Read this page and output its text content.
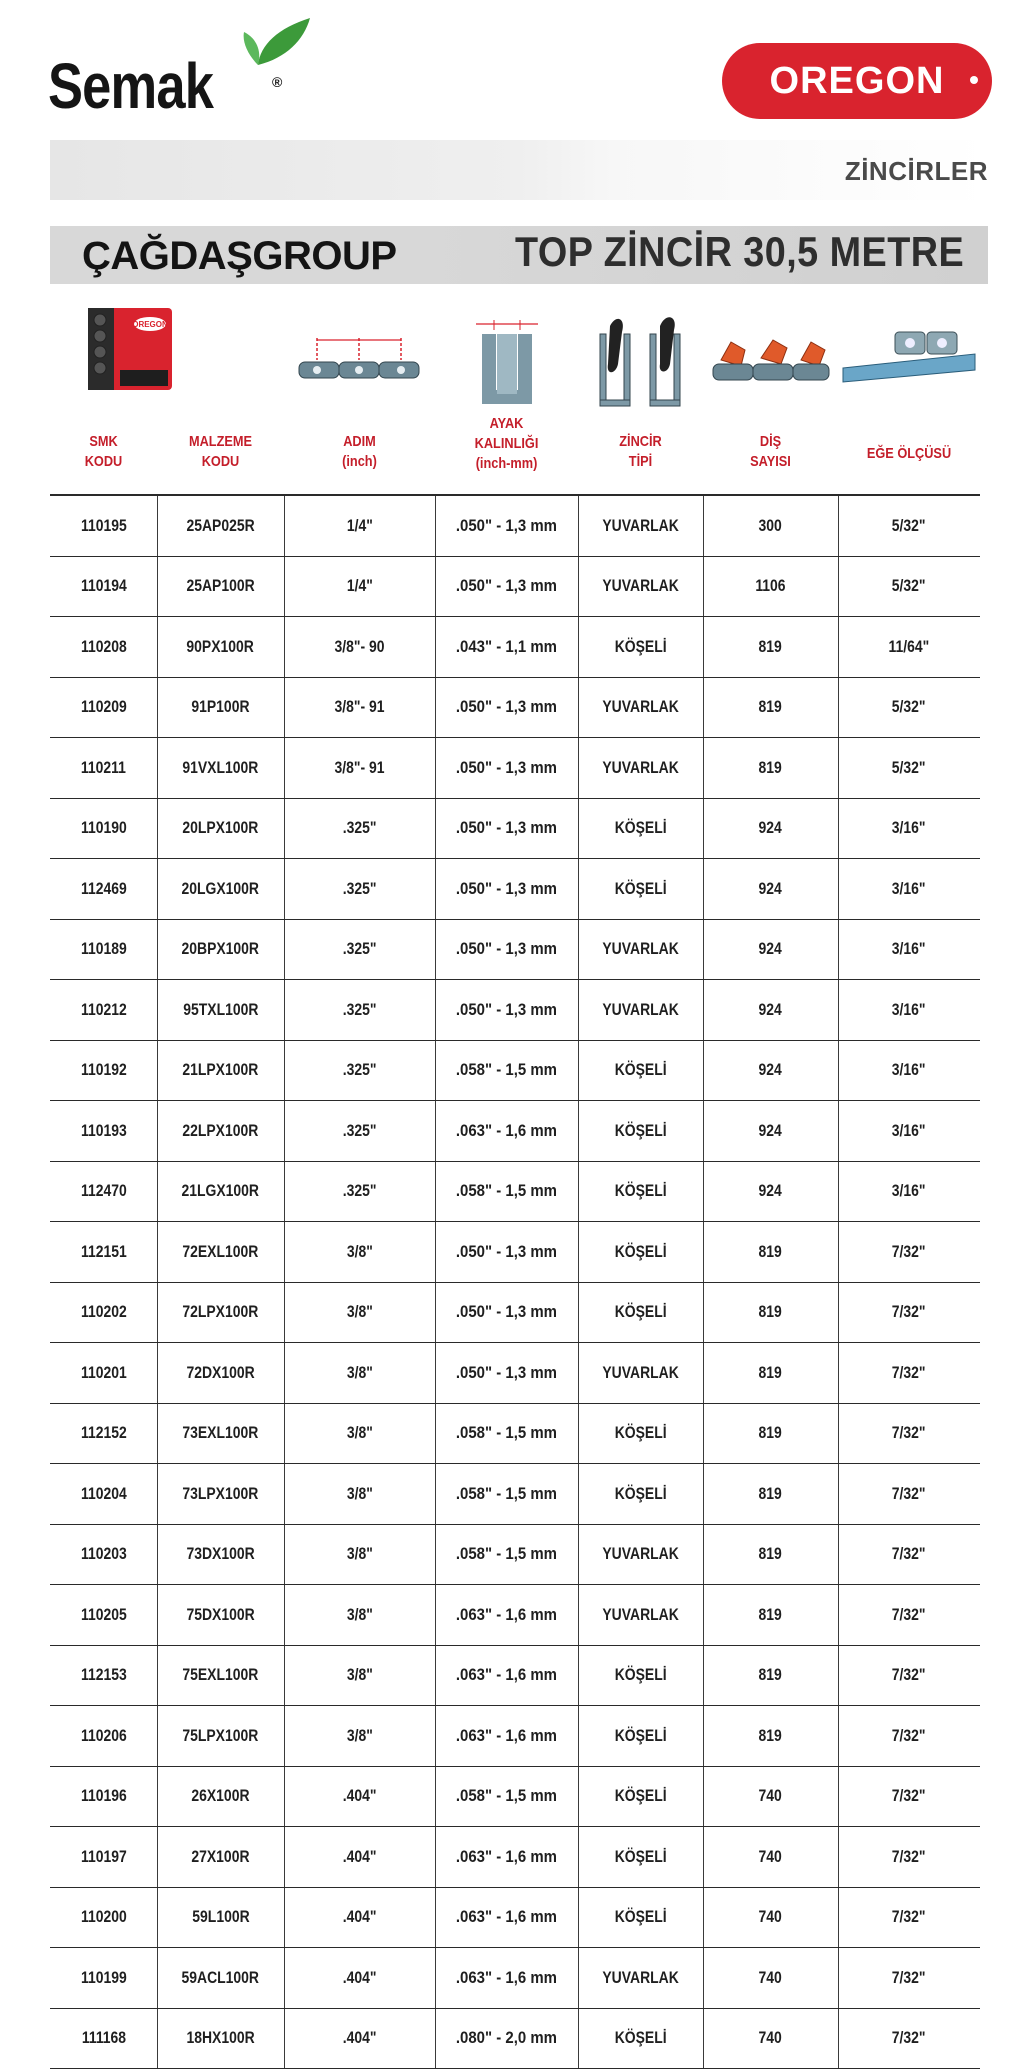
Semak	®	OREGON
ZİNCİRLER
ÇAĞDAŞGROUP	TOP ZİNCİR 30,5 METRE
OREGON
SMK
KODU
MALZEME
KODU
ADIM
(inch)
AYAK
KALINLIĞI
(inch-mm)
ZİNCİR
TİPİ
DİŞ
SAYISI	EĞE ÖLÇÜSÜ
110195	25AP025R	1/4"	.050" - 1,3 mm	YUVARLAK	300	5/32"
110194	25AP100R	1/4"	.050" - 1,3 mm	YUVARLAK	1106	5/32"
110208	90PX100R	3/8"- 90	.043" - 1,1 mm	KÖŞELİ	819	11/64"
110209	91P100R	3/8"- 91	.050" - 1,3 mm	YUVARLAK	819	5/32"
110211	91VXL100R	3/8"- 91	.050" - 1,3 mm	YUVARLAK	819	5/32"
110190	20LPX100R	.325"	.050" - 1,3 mm	KÖŞELİ	924	3/16"
112469	20LGX100R	.325"	.050" - 1,3 mm	KÖŞELİ	924	3/16"
110189	20BPX100R	.325"	.050" - 1,3 mm	YUVARLAK	924	3/16"
110212	95TXL100R	.325"	.050" - 1,3 mm	YUVARLAK	924	3/16"
110192	21LPX100R	.325"	.058" - 1,5 mm	KÖŞELİ	924	3/16"
110193	22LPX100R	.325"	.063" - 1,6 mm	KÖŞELİ	924	3/16"
112470	21LGX100R	.325"	.058" - 1,5 mm	KÖŞELİ	924	3/16"
112151	72EXL100R	3/8"	.050" - 1,3 mm	KÖŞELİ	819	7/32"
110202	72LPX100R	3/8"	.050" - 1,3 mm	KÖŞELİ	819	7/32"
110201	72DX100R	3/8"	.050" - 1,3 mm	YUVARLAK	819	7/32"
112152	73EXL100R	3/8"	.058" - 1,5 mm	KÖŞELİ	819	7/32"
110204	73LPX100R	3/8"	.058" - 1,5 mm	KÖŞELİ	819	7/32"
110203	73DX100R	3/8"	.058" - 1,5 mm	YUVARLAK	819	7/32"
110205	75DX100R	3/8"	.063" - 1,6 mm	YUVARLAK	819	7/32"
112153	75EXL100R	3/8"	.063" - 1,6 mm	KÖŞELİ	819	7/32"
110206	75LPX100R	3/8"	.063" - 1,6 mm	KÖŞELİ	819	7/32"
110196	26X100R	.404"	.058" - 1,5 mm	KÖŞELİ	740	7/32"
110197	27X100R	.404"	.063" - 1,6 mm	KÖŞELİ	740	7/32"
110200	59L100R	.404"	.063" - 1,6 mm	KÖŞELİ	740	7/32"
110199	59ACL100R	.404"	.063" - 1,6 mm	YUVARLAK	740	7/32"
111168	18HX100R	.404"	.080" - 2,0 mm	KÖŞELİ	740	7/32"
